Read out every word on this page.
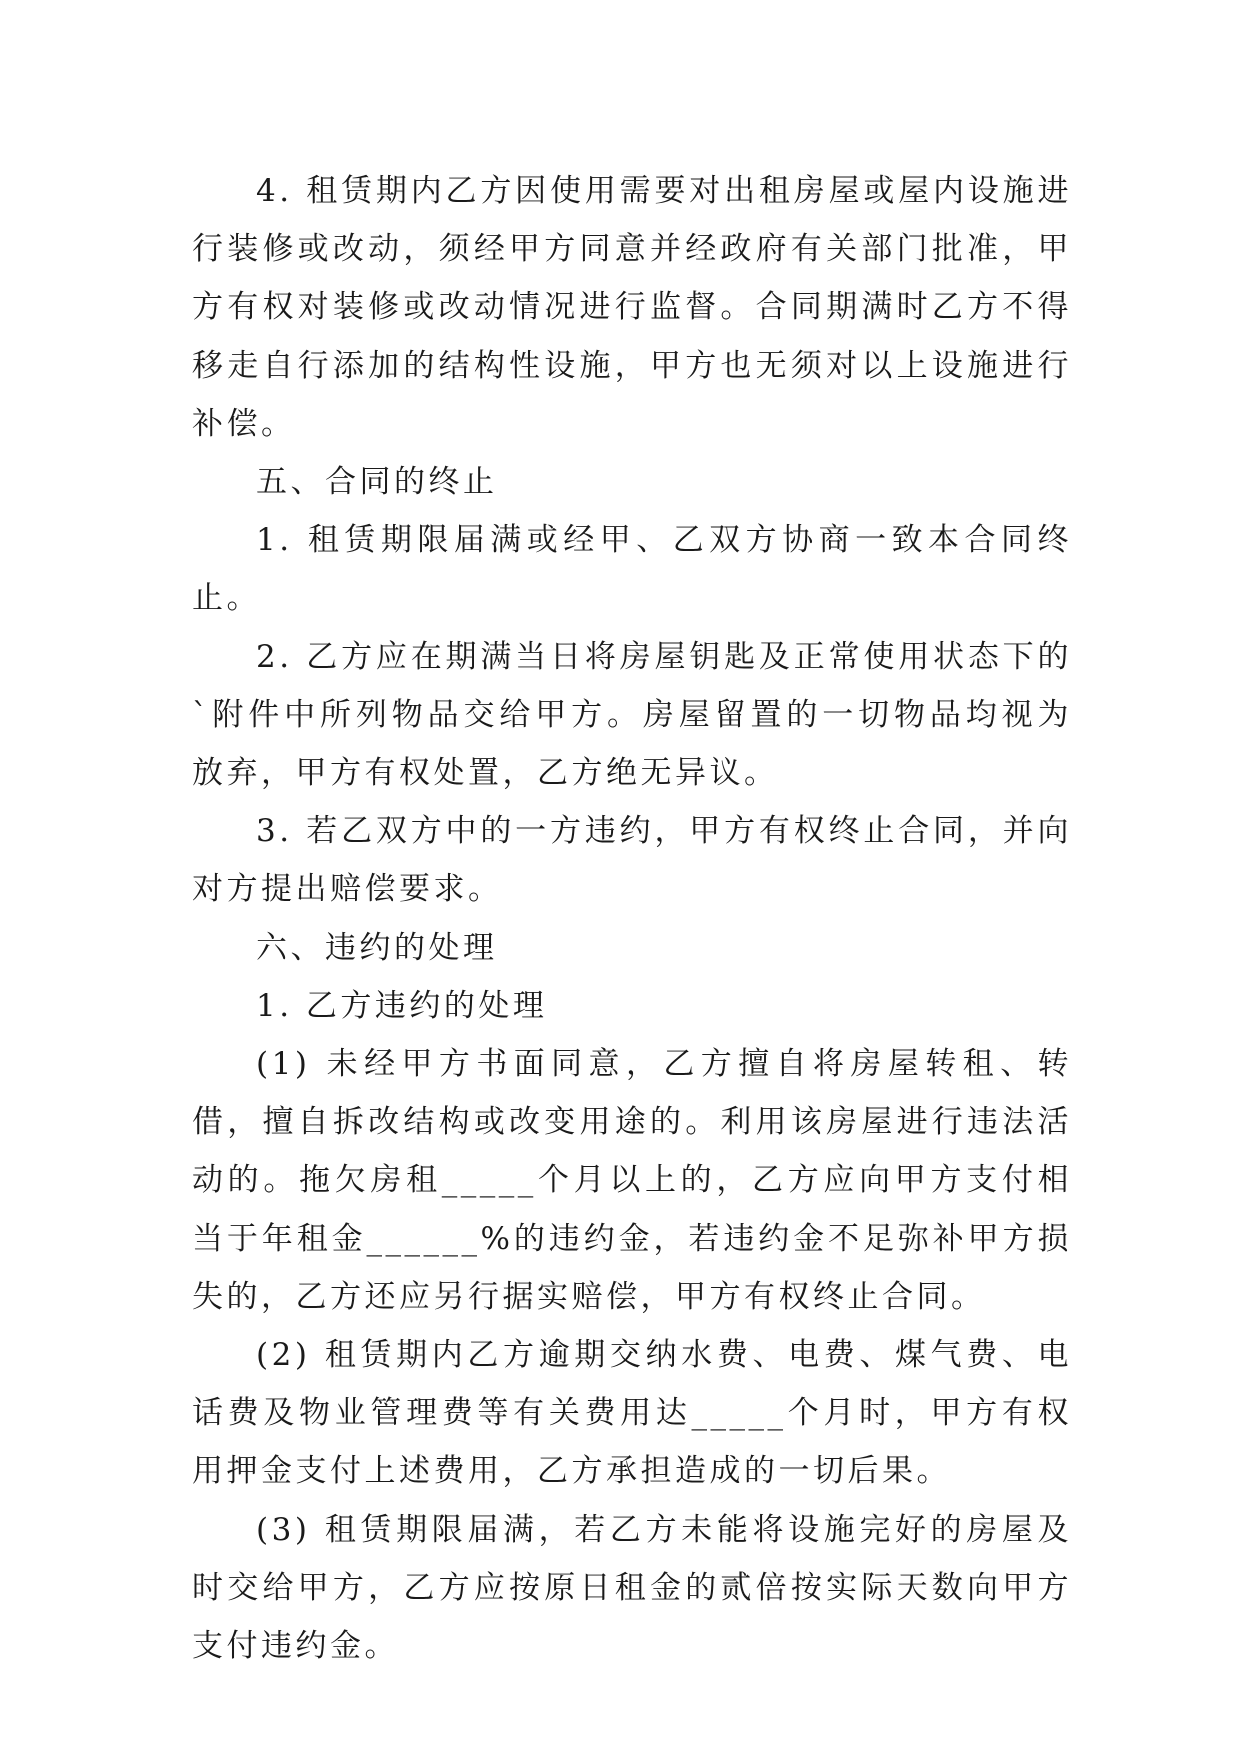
4. 租赁期内乙方因使用需要对出租房屋或屋内设施进行装修或改动，须经甲方同意并经政府有关部门批准，甲方有权对装修或改动情况进行监督。合同期满时乙方不得移走自行添加的结构性设施，甲方也无须对以上设施进行补偿。

五、合同的终止

1. 租赁期限届满或经甲、乙双方协商一致本合同终止。

2. 乙方应在期满当日将房屋钥匙及正常使用状态下的`附件中所列物品交给甲方。房屋留置的一切物品均视为放弃，甲方有权处置，乙方绝无异议。

3. 若乙双方中的一方违约，甲方有权终止合同，并向对方提出赔偿要求。

六、违约的处理

1. 乙方违约的处理

(1) 未经甲方书面同意，乙方擅自将房屋转租、转借，擅自拆改结构或改变用途的。利用该房屋进行违法活动的。拖欠房租_____个月以上的，乙方应向甲方支付相当于年租金______%的违约金，若违约金不足弥补甲方损失的，乙方还应另行据实赔偿，甲方有权终止合同。

(2) 租赁期内乙方逾期交纳水费、电费、煤气费、电话费及物业管理费等有关费用达_____个月时，甲方有权用押金支付上述费用，乙方承担造成的一切后果。

(3) 租赁期限届满，若乙方未能将设施完好的房屋及时交给甲方，乙方应按原日租金的贰倍按实际天数向甲方支付违约金。
